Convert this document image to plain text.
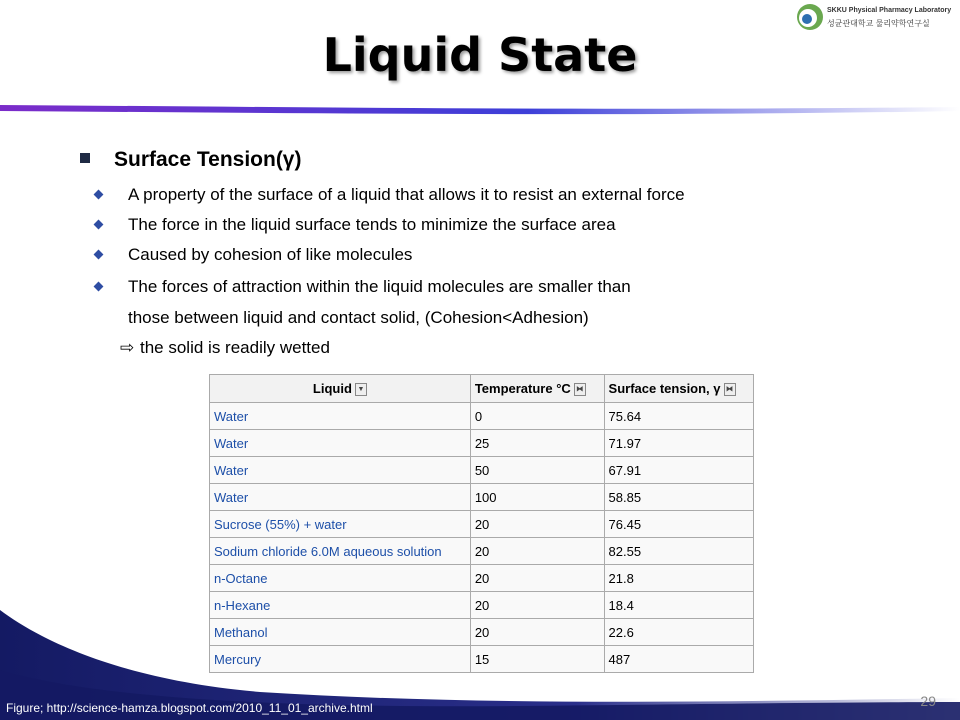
SKKU Physical Pharmacy Laboratory
성균관대학교 물리약학연구실
Liquid State
Surface Tension(γ)
A property of the surface of a liquid that allows it to resist an external force
The force in the liquid surface tends to minimize the surface area
Caused by cohesion of like molecules
The forces of attraction within the liquid molecules are smaller than
those between liquid and contact solid, (Cohesion<Adhesion)
⇨ the solid is readily wetted
Liquid ▼	Temperature °C ⧓	Surface tension, γ ⧓
Water	0	75.64
Water	25	71.97
Water	50	67.91
Water	100	58.85
Sucrose (55%) + water	20	76.45
Sodium chloride 6.0M aqueous solution	20	82.55
n-Octane	20	21.8
n-Hexane	20	18.4
Methanol	20	22.6
Mercury	15	487
Figure; http://science-hamza.blogspot.com/2010_11_01_archive.html	29
